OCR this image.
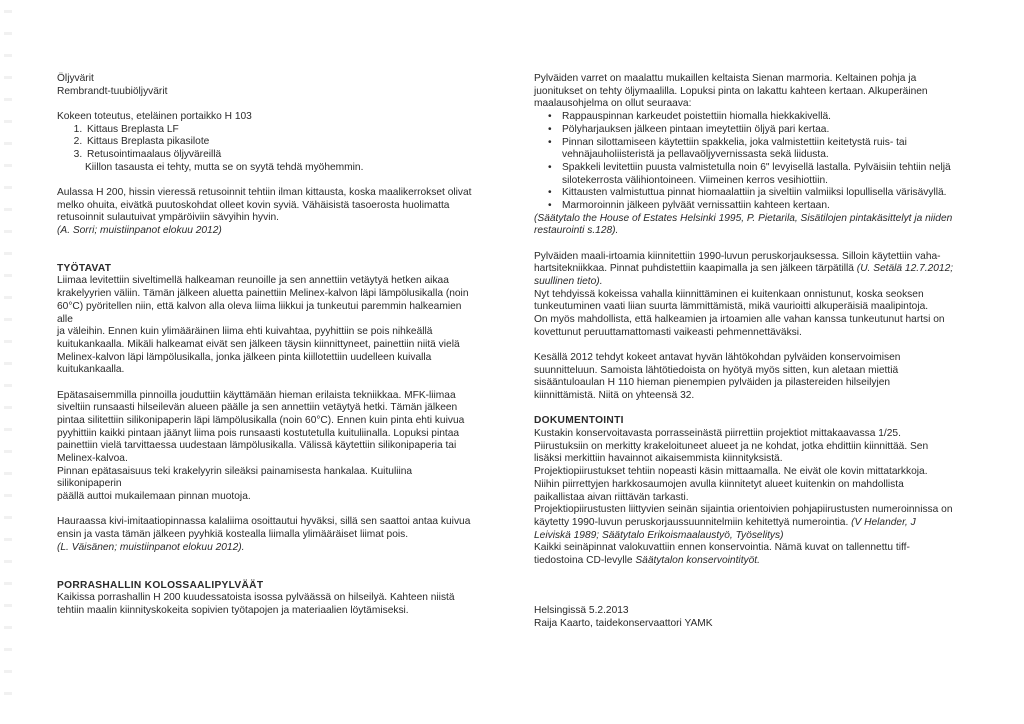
Öljyvärit

Rembrandt-tuubiöljyvärit

Kokeen toteutus, eteläinen portaikko H 103

1. Kittaus Breplasta LF
2. Kittaus Breplasta pikasilote
3. Retusointimaalaus öljyväreillä

Kiillon tasausta ei tehty, mutta se on syytä tehdä myöhemmin.

Aulassa H 200, hissin vieressä retusoinnit tehtiin ilman kittausta, koska maalikerrokset olivat

melko ohuita, eivätkä puutoskohdat olleet kovin syviä. Vähäisistä tasoerosta huolimatta

retusoinnit sulautuivat ympäröiviin sävyihin hyvin.

(A. Sorri; muistiinpanot elokuu 2012)

TYÖTAVAT

Liimaa levitettiin siveltimellä halkeaman reunoille ja sen annettiin vetäytyä hetken aikaa

krakelyyrien väliin. Tämän jälkeen aluetta painettiin Melinex-kalvon läpi lämpölusikalla (noin

60°C) pyöritellen niin, että kalvon alla oleva liima liikkui ja tunkeutui paremmin halkeamien alle

ja väleihin. Ennen kuin ylimääräinen liima ehti kuivahtaa, pyyhittiin se pois nihkeällä

kuitukankaalla. Mikäli halkeamat eivät sen jälkeen täysin kiinnittyneet, painettiin niitä vielä

Melinex-kalvon läpi lämpölusikalla, jonka jälkeen pinta kiillotettiin uudelleen kuivalla

kuitukankaalla.

Epätasaisemmilla pinnoilla jouduttiin käyttämään hieman erilaista tekniikkaa. MFK-liimaa

siveltiin runsaasti hilseilevän alueen päälle ja sen annettiin vetäytyä hetki. Tämän jälkeen

pintaa silitettiin silikonipaperin läpi lämpölusikalla (noin 60°C). Ennen kuin pinta ehti kuivua

pyyhittiin kaikki pintaan jäänyt liima pois runsaasti kostutetulla kuituliinalla. Lopuksi pintaa

painettiin vielä tarvittaessa uudestaan lämpölusikalla. Välissä käytettiin silikonipaperia tai

Melinex-kalvoa.

Pinnan epätasaisuus teki krakelyyrin sileäksi painamisesta hankalaa. Kuituliina silikonipaperin

päällä auttoi mukailemaan pinnan muotoja.

Hauraassa kivi-imitaatiopinnassa kalaliima osoittautui hyväksi, sillä sen saattoi antaa kuivua

ensin ja vasta tämän jälkeen pyyhkiä kostealla liimalla ylimääräiset liimat pois.

(L. Väisänen; muistiinpanot elokuu 2012).

PORRASHALLIN KOLOSSAALIPYLVÄÄT

Kaikissa porrashallin H 200 kuudessatoista isossa pylväässä on hilseilyä. Kahteen niistä

tehtiin maalin kiinnityskokeita sopivien työtapojen ja materiaalien löytämiseksi.

Pylväiden varret on maalattu mukaillen keltaista Sienan marmoria. Keltainen pohja ja

juonitukset on tehty öljymaalilla. Lopuksi pinta on lakattu kahteen kertaan. Alkuperäinen

maalausohjelma on ollut seuraava:

• Rappauspinnan karkeudet poistettiin hiomalla hiekkakivellä.
• Pölyharjauksen jälkeen pintaan imeytettiin öljyä pari kertaa.
• Pinnan silottamiseen käytettiin spakkelia, joka valmistettiin keitetystä ruis- tai
vehnäjauholiisteristä ja pellavaöljyvernissasta sekä liidusta.
• Spakkeli levitettiin puusta valmistetulla noin 6" levyisellä lastalla. Pylväisiin tehtiin neljä
silotekerrosta välihiontoineen. Viimeinen kerros vesihiottiin.
• Kittausten valmistuttua pinnat hiomaalattiin ja siveltiin valmiiksi lopullisella värisävyllä.
• Marmoroinnin jälkeen pylväät vernissattiin kahteen kertaan.

(Säätytalo the House of Estates Helsinki 1995, P. Pietarila, Sisätilojen pintakäsittelyt ja niiden

restaurointi s.128).

Pylväiden maali-irtoamia kiinnitettiin 1990-luvun peruskorjauksessa. Silloin käytettiin vaha-

hartsitekniikkaa. Pinnat puhdistettiin kaapimalla ja sen jälkeen tärpätillä (U. Setälä 12.7.2012;

suullinen tieto).

Nyt tehdyissä kokeissa vahalla kiinnittäminen ei kuitenkaan onnistunut, koska seoksen

tunkeutuminen vaati liian suurta lämmittämistä, mikä vaurioitti alkuperäisiä maalipintoja.

On myös mahdollista, että halkeamien ja irtoamien alle vahan kanssa tunkeutunut hartsi on

kovettunut peruuttamattomasti vaikeasti pehmennettäväksi.

Kesällä 2012 tehdyt kokeet antavat hyvän lähtökohdan pylväiden konservoimisen

suunnitteluun. Samoista lähtötiedoista on hyötyä myös sitten, kun aletaan miettiä

sisääntuloaulan H 110 hieman pienempien pylväiden ja pilastereiden hilseilyjen

kiinnittämistä. Niitä on yhteensä 32.

DOKUMENTOINTI

Kustakin konservoitavasta porrasseinästä piirrettiin projektiot mittakaavassa 1/25.

Piirustuksiin on merkitty krakeloituneet alueet ja ne kohdat, jotka ehdittiin kiinnittää. Sen

lisäksi merkittiin havainnot aikaisemmista kiinnityksistä.

Projektiopiirustukset tehtiin nopeasti käsin mittaamalla. Ne eivät ole kovin mittatarkkoja.

Niihin piirrettyjen harkkosaumojen avulla kiinnitetyt alueet kuitenkin on mahdollista

paikallistaa aivan riittävän tarkasti.

Projektiopiirustusten liittyvien seinän sijaintia orientoivien pohjapiirustusten numeroinnissa on

käytetty 1990-luvun peruskorjaussuunnitelmiin kehitettyä numerointia. (V Helander, J

Leiviskä 1989; Säätytalo Erikoismaalaustyö, Työselitys)

Kaikki seinäpinnat valokuvattiin ennen konservointia. Nämä kuvat on tallennettu tiff-

tiedostoina CD-levylle Säätytalon konservointityöt.

Helsingissä 5.2.2013

Raija Kaarto, taidekonservaattori YAMK
